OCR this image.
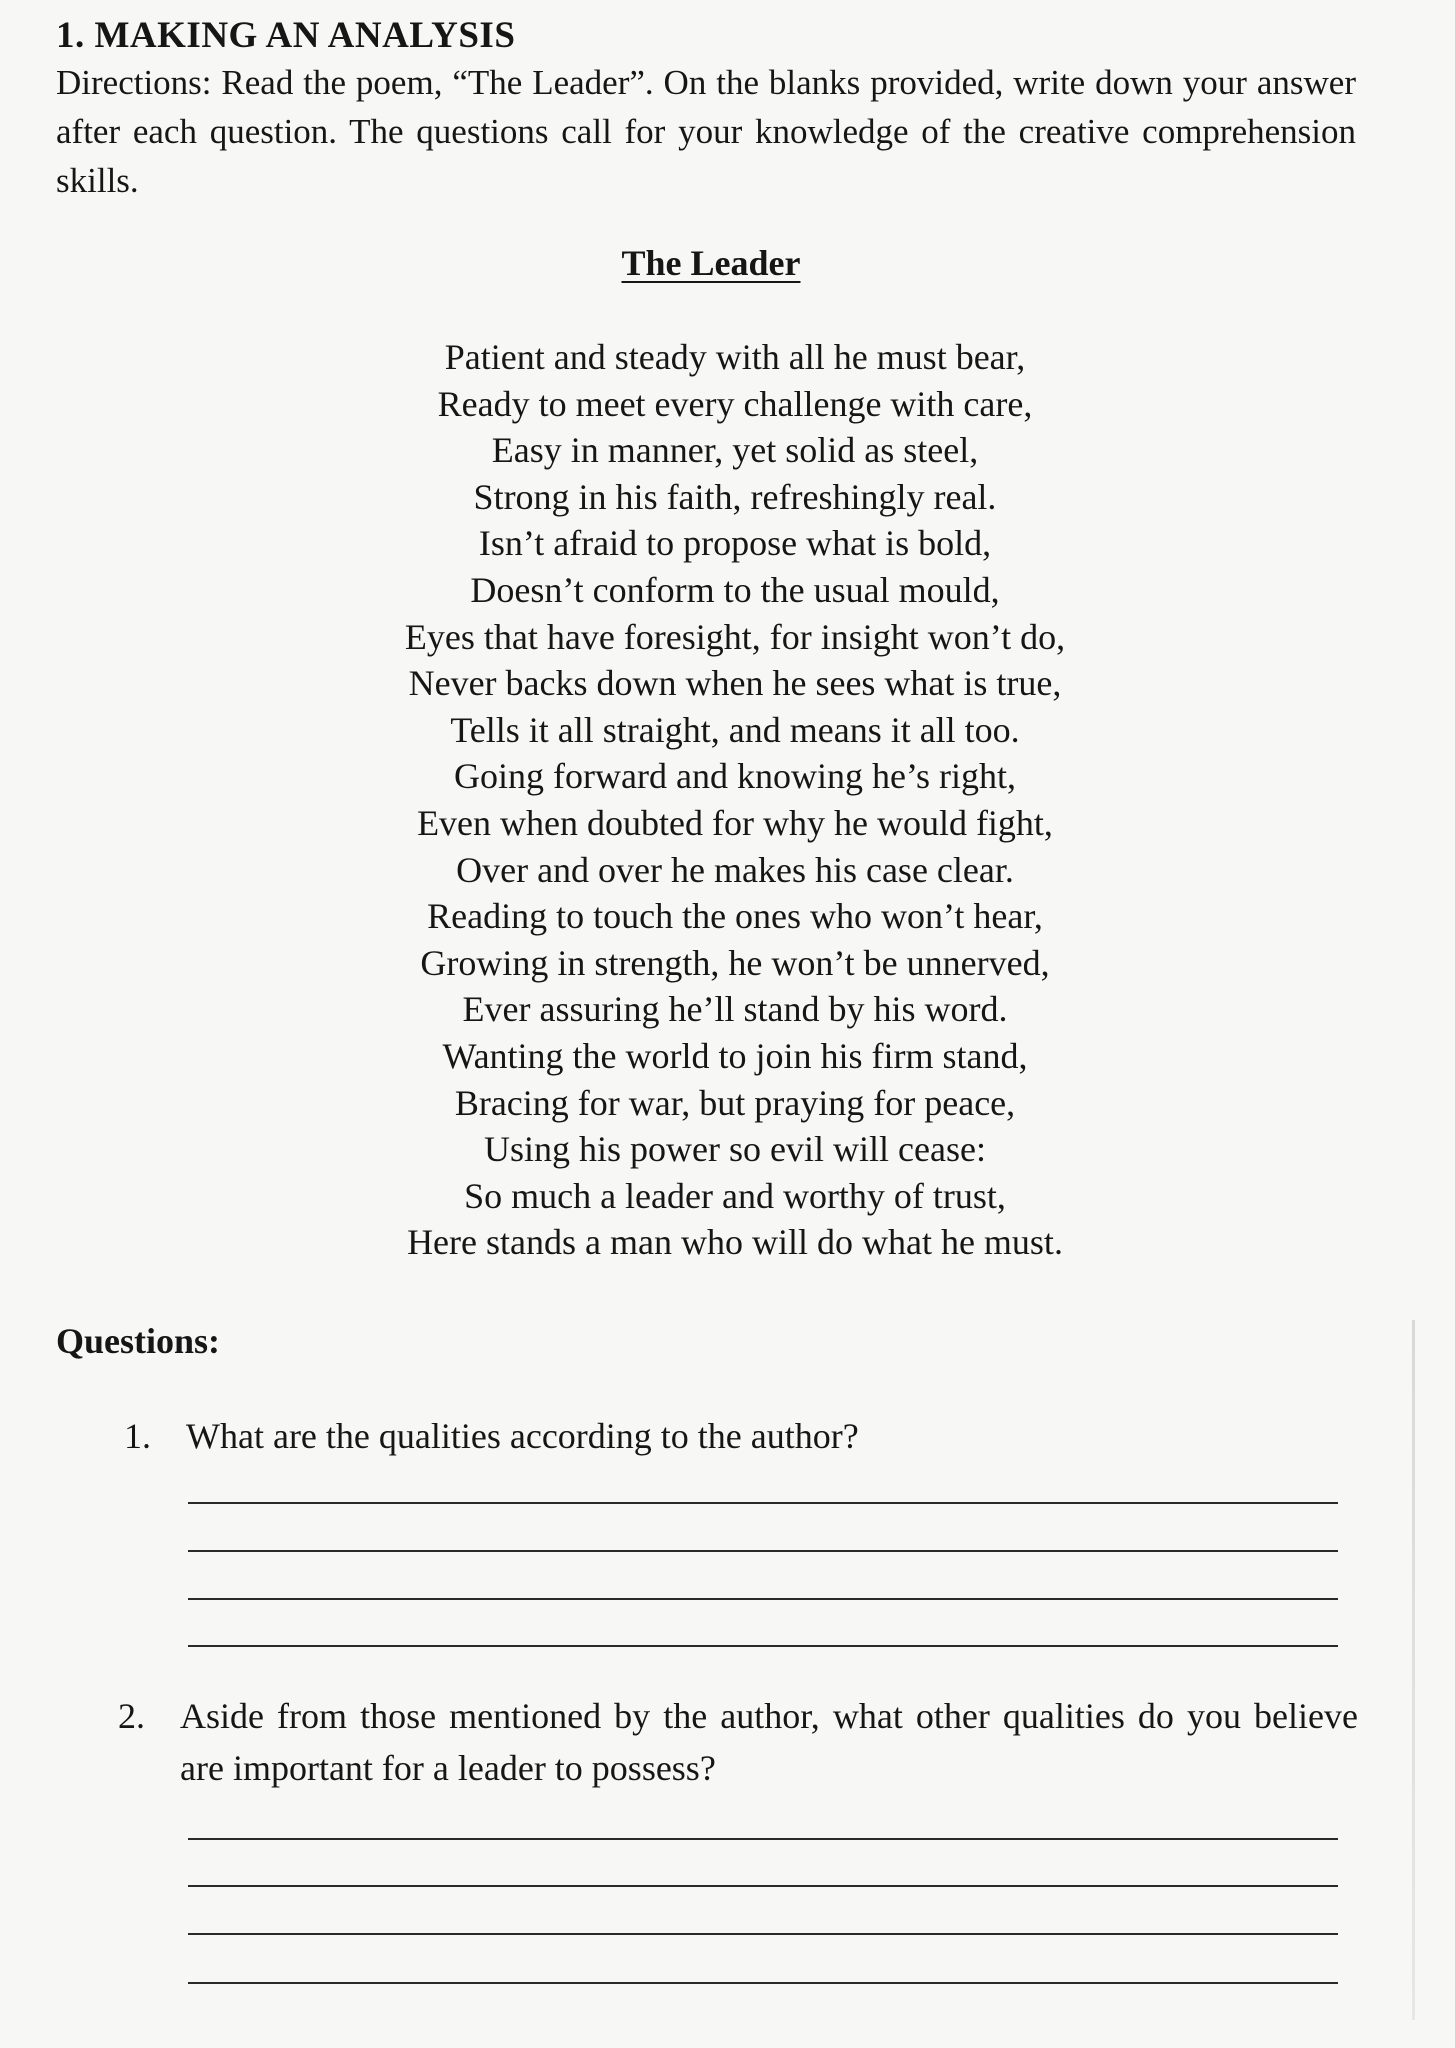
1. MAKING AN ANALYSIS

Directions: Read the poem, “The Leader”. On the blanks provided, write down your answer after each question. The questions call for your knowledge of the creative comprehension skills.

The Leader
Patient and steady with all he must bear,
Ready to meet every challenge with care,
Easy in manner, yet solid as steel,
Strong in his faith, refreshingly real.
Isn’t afraid to propose what is bold,
Doesn’t conform to the usual mould,
Eyes that have foresight, for insight won’t do,
Never backs down when he sees what is true,
Tells it all straight, and means it all too.
Going forward and knowing he’s right,
Even when doubted for why he would fight,
Over and over he makes his case clear.
Reading to touch the ones who won’t hear,
Growing in strength, he won’t be unnerved,
Ever assuring he’ll stand by his word.
Wanting the world to join his firm stand,
Bracing for war, but praying for peace,
Using his power so evil will cease:
So much a leader and worthy of trust,
Here stands a man who will do what he must.
Questions:
1. What are the qualities according to the author?
2. Aside from those mentioned by the author, what other qualities do you believe are important for a leader to possess?
